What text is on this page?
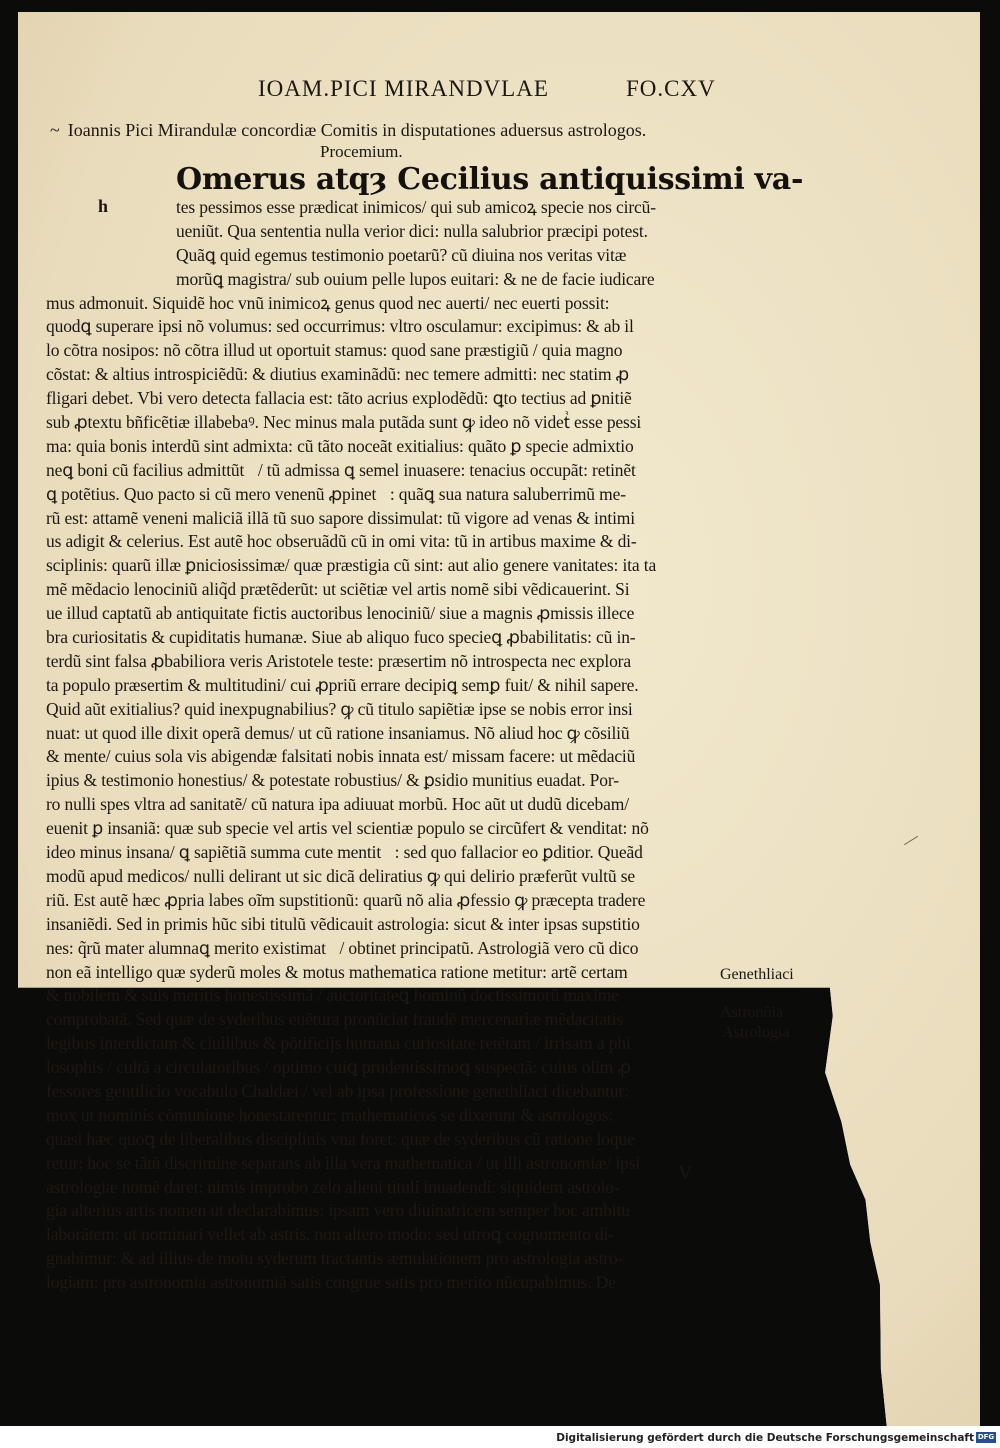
IOAM.PICI MIRANDVLAE	FO.CXV
~ Ioannis Pici Mirandulæ concordiæ Comitis in disputationes aduersus astrologos.
Procemium.
h
Omerus atqȝ Cecilius antiquissimi va-
tes pessimos esse prædicat inimicos/ qui sub amicoꝝ specie nos circũ-
ueniũt. Qua sententia nulla verior dici: nulla salubrior præcipi potest.
Quãꝗ quid egemus testimonio poetarũ? cũ diuina nos veritas vitæ
morũꝗ magistra/ sub ouium pelle lupos euitari: & ne de facie iudicare
mus admonuit. Siquidẽ hoc vnũ inimicoꝝ genus quod nec auerti/ nec euerti possit:
quodꝗ superare ipsi nõ volumus: sed occurrimus: vltro osculamur: excipimus: & ab il
lo cõtra nosipos: nõ cõtra illud ut oportuit stamus: quod sane præstigiũ / quia magno
cõstat: & altius introspiciẽdũ: & diutius examinãdũ: nec temere admitti: nec statim ꝓ
fligari debet. Vbi vero detecta fallacia est: tãto acrius explodẽdũ: ꝗto tectius ad ꝑnitiẽ
sub ꝓtextu bñficẽtiæ illabebaꝰ. Nec minus mala putãda sunt ꝙ ideo nõ videtᷣ esse pessi
ma: quia bonis interdũ sint admixta: cũ tãto noceãt exitialius: quãto ꝑ specie admixtio
neꝗ boni cũ facilius admittũtᷣ/ tũ admissa ꝗ semel inuasere: tenacius occupãt: retinẽt
ꝗ potẽtius. Quo pacto si cũ mero venenũ ꝓpinetᷣ: quãꝗ sua natura saluberrimũ me-
rũ est: attamẽ veneni maliciã illã tũ suo sapore dissimulat: tũ vigore ad venas & intimi
us adigit & celerius. Est autẽ hoc obseruãdũ cũ in omi vita: tũ in artibus maxime & di-
sciplinis: quarũ illæ ꝑniciosissimæ/ quæ præstigia cũ sint: aut alio genere vanitates: ita ta
mẽ mẽdacio lenociniũ aliq̃d prætẽderũt: ut sciẽtiæ vel artis nomẽ sibi vẽdicauerint. Si
ue illud captatũ ab antiquitate fictis auctoribus lenociniũ/ siue a magnis ꝓmissis illece
bra curiositatis & cupiditatis humanæ. Siue ab aliquo fuco specieꝗ ꝓbabilitatis: cũ in-
terdũ sint falsa ꝓbabiliora veris Aristotele teste: præsertim nõ introspecta nec explora
ta populo præsertim & multitudini/ cui ꝓpriũ errare decipiꝗ semꝑ fuit/ & nihil sapere.
Quid aũt exitialius? quid inexpugnabilius? ꝙ cũ titulo sapiẽtiæ ipse se nobis error insi
nuat: ut quod ille dixit operã demus/ ut cũ ratione insaniamus. Nõ aliud hoc ꝙ cõsiliũ
& mente/ cuius sola vis abigendæ falsitati nobis innata est/ missam facere: ut mẽdaciũ
ipius & testimonio honestius/ & potestate robustius/ & ꝑsidio munitius euadat. Por-
ro nulli spes vltra ad sanitatẽ/ cũ natura ipa adiuuat morbũ. Hoc aũt ut dudũ dicebam/
euenit ꝑ insaniã: quæ sub specie vel artis vel scientiæ populo se circũfert & venditat: nõ
ideo minus insana/ ꝗ sapiẽtiã summa cute mentitᷣ: sed quo fallacior eo ꝑditior. Queãd
modũ apud medicos/ nulli delirant ut sic dicã deliratius ꝙ qui delirio præferũt vultũ se
riũ. Est autẽ hæc ꝓpria labes oĩm supstitionũ: quarũ nõ alia ꝓfessio ꝙ præcepta tradere
insaniẽdi. Sed in primis hũc sibi titulũ vẽdicauit astrologia: sicut & inter ipsas supstitio
nes: q̃rũ mater alumnaꝗ merito existimatᷣ/ obtinet principatũ. Astrologiã vero cũ dico
non eã intelligo quæ syderũ moles & motus mathematica ratione metitur: artẽ certam
& nobilem & suis meritis honestissimã / auctoritateꝗ hominũ doctissimorũ maxime
comprobatã. Sed quæ de syderibus euẽtura pronũciat fraudẽ mercenariæ mẽdacitatis
legibus interdictam & ciuilibus & põtificijs humana curiositate retẽtam / irrisam a phi
losophis / cultã a circulatoribus / optimo cuiꝗ prudentissimoꝗ suspectã: cuius olim ꝓ
fessores gentilicio vocabulo Chaldæi / vel ab ipsa professione genethliaci dicebantur:
mox ut nominis cõmunione honestarentur: mathematicos se dixerunt & astrologos:
quasi hæc quoꝗ de liberalibus disciplinis vna foret: quæ de syderibus cũ ratione loque
retur: hoc se tãtũ discrimine separans ab illa vera mathematica / ut illi astronomiæ/ ipsi
astrologiæ nomẽ daret: nimis improbo zelo alieni tituli inuadendi: siquidem astrolo-
gia alterius artis nomen ut declarabimus: ipsam vero diuinatricem semper hoc ambitu
laborãtem: ut nominari vellet ab astris. non altero modo: sed utroꝗ cognomento di-
gnabimur: & ad illius de motu syderum tractantis æmulationem pro astrologia astro-
logiam: pro astronomia astronomiã satis congrue satis pro merito nũcupabimus. De
V
Genethliaci
Astronõia
Astrologia
Digitalisierung gefördert durch die Deutsche Forschungsgemeinschaft DFG
